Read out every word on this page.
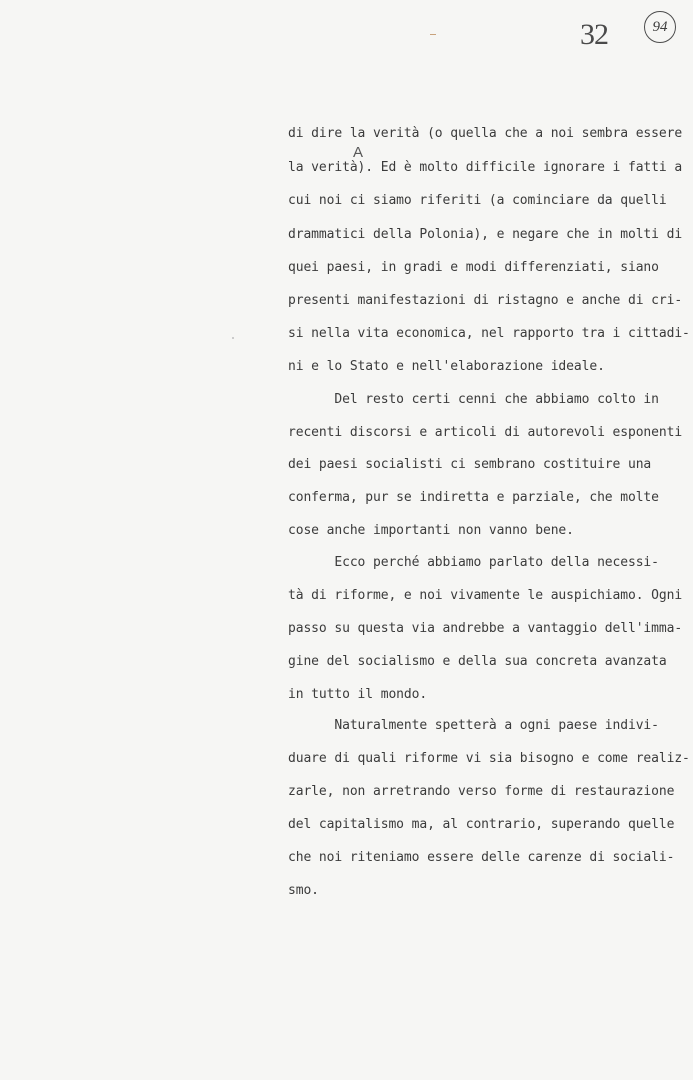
32	94
A
di dire la verità (o quella che a noi sembra essere
la verità). Ed è molto difficile ignorare i fatti a
cui noi ci siamo riferiti (a cominciare da quelli
drammatici della Polonia), e negare che in molti di
quei paesi, in gradi e modi differenziati, siano
presenti manifestazioni di ristagno e anche di cri-
si nella vita economica, nel rapporto tra i cittadi-
ni e lo Stato e nell'elaborazione ideale.
Del resto certi cenni che abbiamo colto in
recenti discorsi e articoli di autorevoli esponenti
dei paesi socialisti ci sembrano costituire una
conferma, pur se indiretta e parziale, che molte
cose anche importanti non vanno bene.
Ecco perché abbiamo parlato della necessi-
tà di riforme, e noi vivamente le auspichiamo. Ogni
passo su questa via andrebbe a vantaggio dell'imma-
gine del socialismo e della sua concreta avanzata
in tutto il mondo.
Naturalmente spetterà a ogni paese indivi-
duare di quali riforme vi sia bisogno e come realiz-
zarle, non arretrando verso forme di restaurazione
del capitalismo ma, al contrario, superando quelle
che noi riteniamo essere delle carenze di sociali-
smo.
